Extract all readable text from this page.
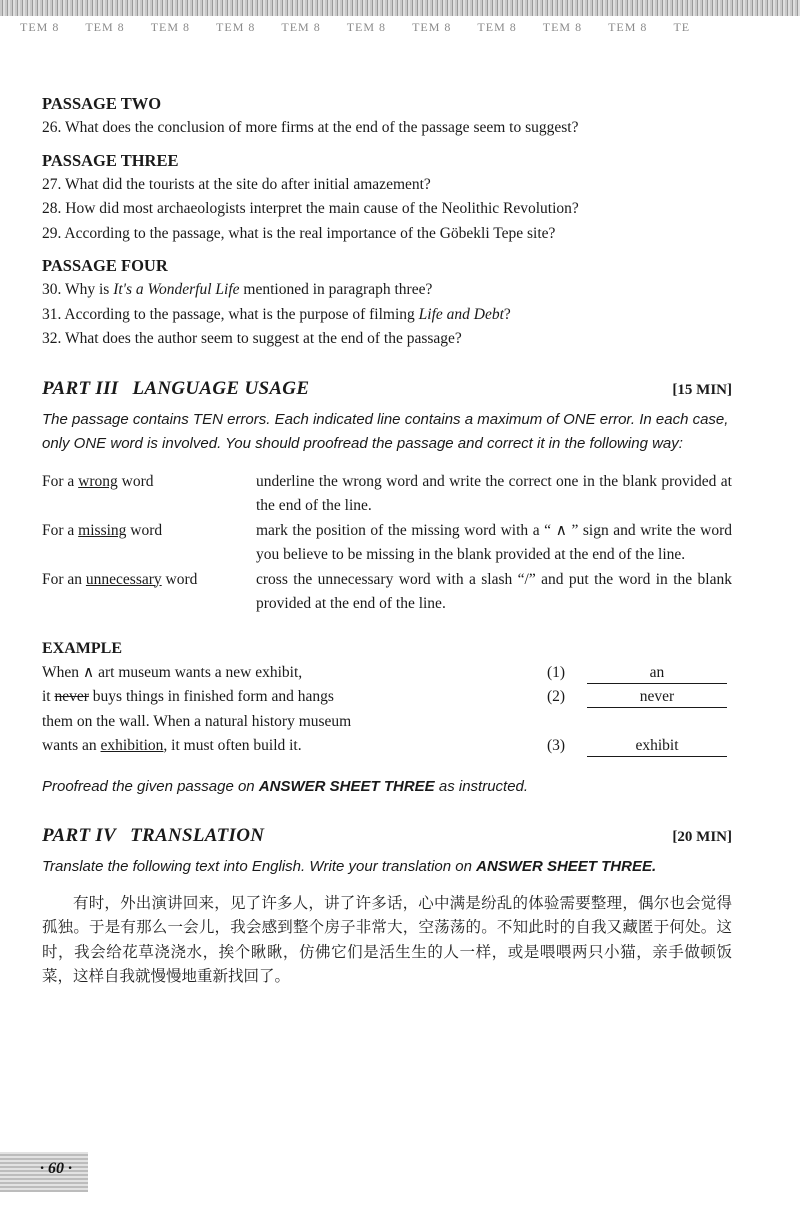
TEM 8 TEM 8 TEM 8 TEM 8 TEM 8 TEM 8 TEM 8 TEM 8 TEM 8 TEM 8 TE

PASSAGE TWO

26. What does the conclusion of more firms at the end of the passage seem to suggest?

PASSAGE THREE

27. What did the tourists at the site do after initial amazement?

28. How did most archaeologists interpret the main cause of the Neolithic Revolution?

29. According to the passage, what is the real importance of the Göbekli Tepe site?

PASSAGE FOUR

30. Why is It's a Wonderful Life mentioned in paragraph three?

31. According to the passage, what is the purpose of filming Life and Debt?

32. What does the author seem to suggest at the end of the passage?

PART III LANGUAGE USAGE	[15 MIN]

The passage contains TEN errors. Each indicated line contains a maximum of ONE error. In each case, only ONE word is involved. You should proofread the passage and correct it in the following way:

For a wrong word	underline the wrong word and write the correct one in the blank provided at the end of the line.
For a missing word	mark the position of the missing word with a “ ∧ ” sign and write the word you believe to be missing in the blank provided at the end of the line.
For an unnecessary word	cross the unnecessary word with a slash “/” and put the word in the blank provided at the end of the line.
EXAMPLE
When ∧ art museum wants a new exhibit,	(1)	an
it never buys things in finished form and hangs	(2)	never
them on the wall. When a natural history museum
wants an exhibition, it must often build it.	(3)	exhibit

Proofread the given passage on ANSWER SHEET THREE as instructed.

PART IV TRANSLATION	[20 MIN]

Translate the following text into English. Write your translation on ANSWER SHEET THREE.

有时，外出演讲回来，见了许多人，讲了许多话，心中满是纷乱的体验需要整理，偶尔也会觉得孤独。于是有那么一会儿，我会感到整个房子非常大，空荡荡的。不知此时的自我又藏匿于何处。这时，我会给花草浇浇水，挨个瞅瞅，仿佛它们是活生生的人一样，或是喂喂两只小猫，亲手做顿饭菜，这样自我就慢慢地重新找回了。

· 60 ·
